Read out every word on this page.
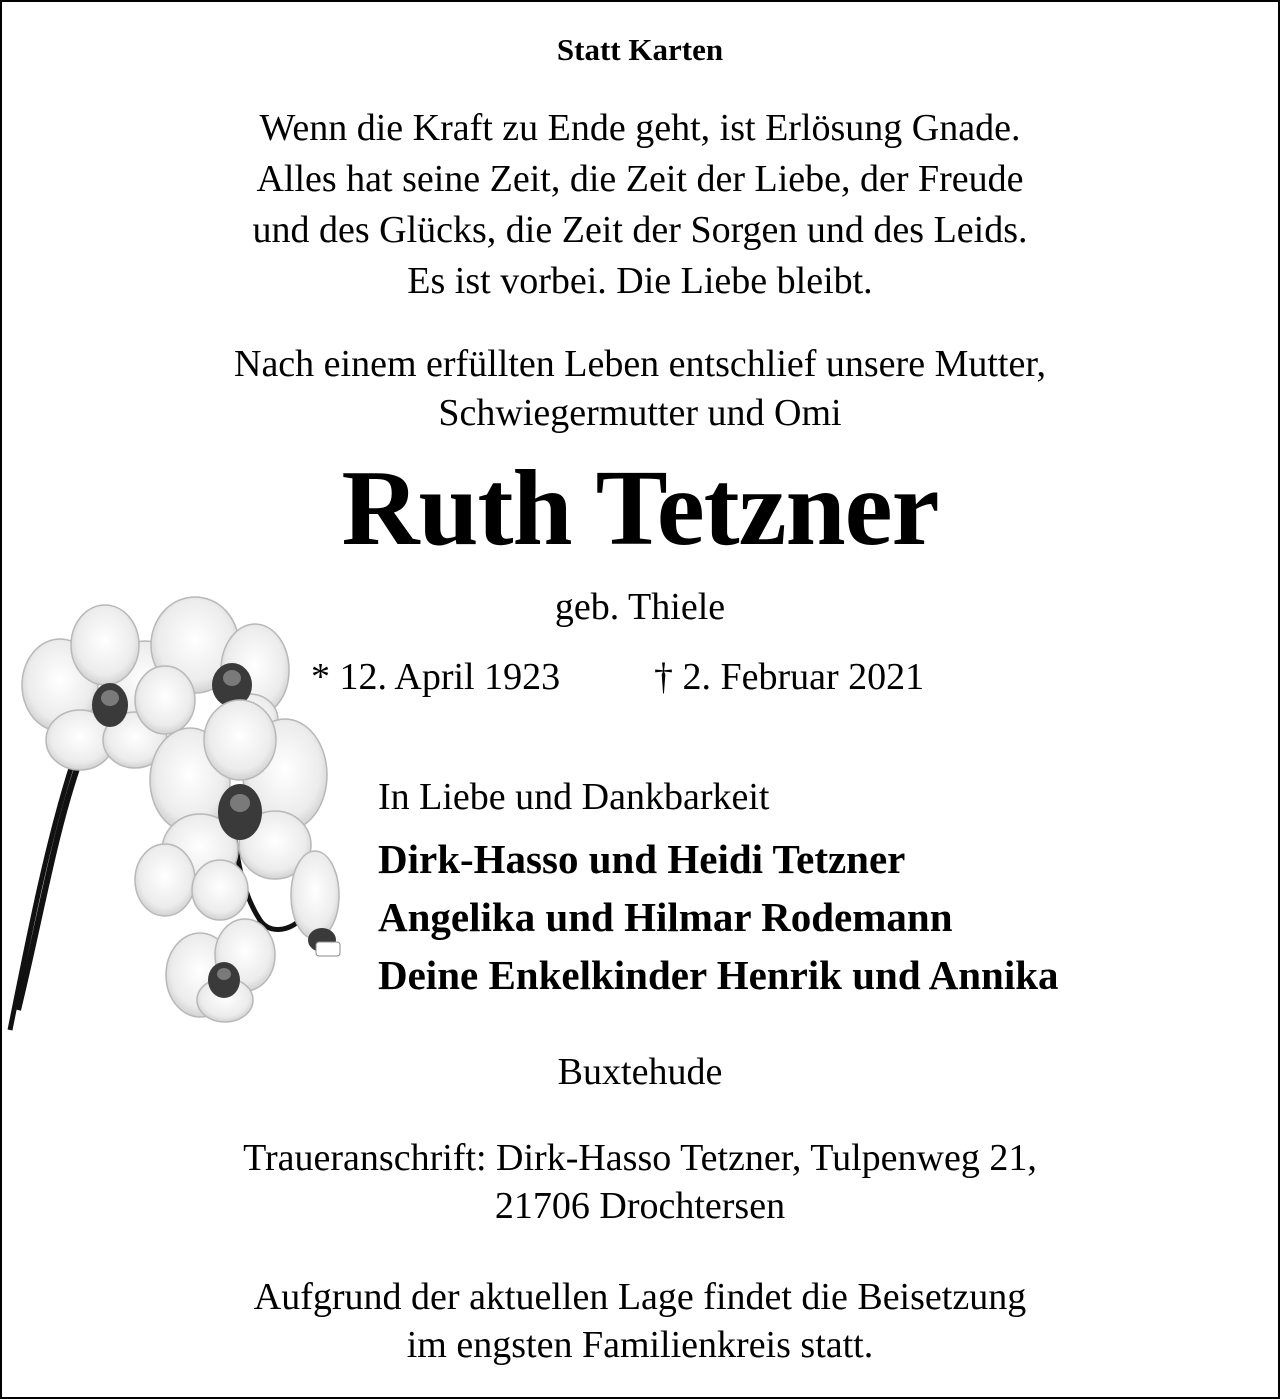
Statt Karten
Wenn die Kraft zu Ende geht, ist Erlösung Gnade.
Alles hat seine Zeit, die Zeit der Liebe, der Freude
und des Glücks, die Zeit der Sorgen und des Leids.
Es ist vorbei. Die Liebe bleibt.
Nach einem erfüllten Leben entschlief unsere Mutter,
Schwiegermutter und Omi
Ruth Tetzner
geb. Thiele
* 12. April 1923 † 2. Februar 2021
In Liebe und Dankbarkeit
Dirk-Hasso und Heidi Tetzner
Angelika und Hilmar Rodemann
Deine Enkelkinder Henrik und Annika
Buxtehude
Traueranschrift: Dirk-Hasso Tetzner, Tulpenweg 21,
21706 Drochtersen
Aufgrund der aktuellen Lage findet die Beisetzung
im engsten Familienkreis statt.
